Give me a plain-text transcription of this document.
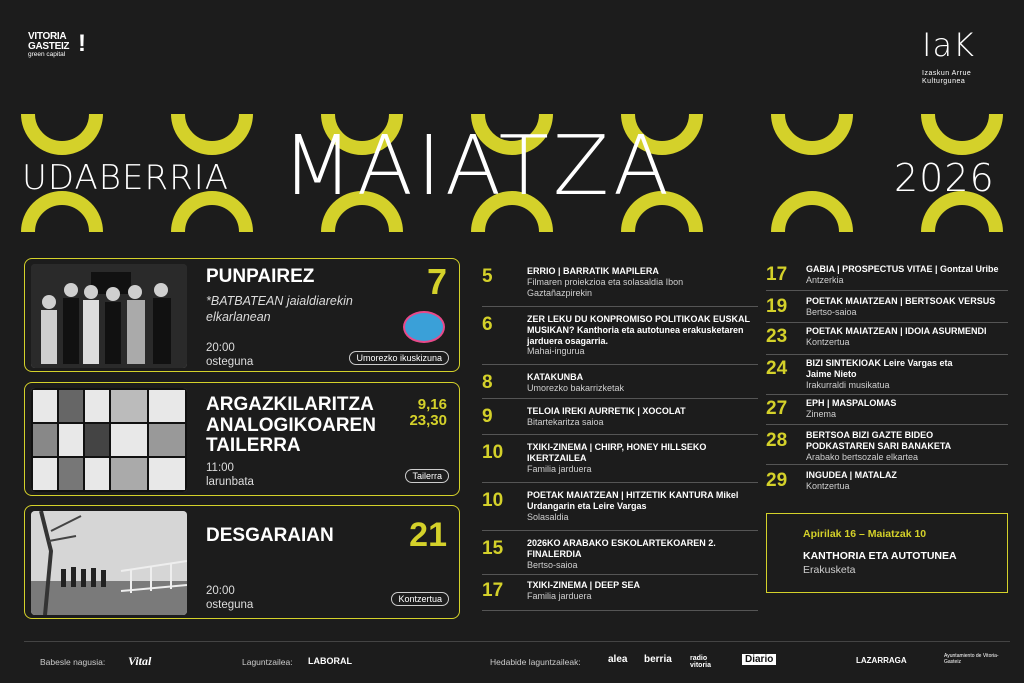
VITORIA
GASTEIZ
green capital !	IaK
Izaskun Arrue
Kulturgunea
UDABERRIA MAIATZA	2026
PUNPAIREZ
*BATBATEAN jaialdiarekin elkarlanean
20:00
osteguna
7
Umorezko ikuskizuna
ARGAZKILARITZA ANALOGIKOAREN TAILERRA
11:00
larunbata
9,16
23,30
Tailerra
DESGARAIAN
20:00
osteguna
21
Kontzertua
5	ERRIO | BARRATIK MAPILERA

Filmaren proiekzioa eta solasaldia Ibon Gaztañazpirekin
6	ZER LEKU DU KONPROMISO POLITIKOAK EUSKAL MUSIKAN? Kanthoria eta autotunea erakusketaren jarduera osagarria.
Mahai-ingurua
8	KATAKUNBA
Umorezko bakarrizketak
9	TELOIA IREKI AURRETIK | XOCOLAT
Bitartekaritza saioa
10	TXIKI-ZINEMA | CHIRP, HONEY HILLSEKO IKERTZAILEA
Familia jarduera
10	POETAK MAIATZEAN | HITZETIK KANTURA Mikel Urdangarin eta Leire Vargas
Solasaldia
15	2026KO ARABAKO ESKOLARTEKOAREN 2. FINALERDIA
Bertso-saioa
17	TXIKI-ZINEMA | DEEP SEA
Familia jarduera
17	GABIA | PROSPECTUS VITAE | Gontzal Uribe
Antzerkia
19	POETAK MAIATZEAN | BERTSOAK VERSUS
Bertso-saioa
23	POETAK MAIATZEAN | IDOIA ASURMENDI
Kontzertua
24	BIZI SINTEKIOAK Leire Vargas eta Jaime Nieto
Irakurraldi musikatua
27	EPH | MASPALOMAS
Zinema
28	BERTSOA BIZI GAZTE BIDEO PODKASTAREN SARI BANAKETA
Arabako bertsozale elkartea
29	INGUDEA | MATALAZ
Kontzertua
Apirilak 16 – Maiatzak 10
KANTHORIA ETA AUTOTUNEA
Erakusketa
Babesle nagusia: Vital	Laguntzailea: LABORAL	Hedabide laguntzaileak:	alea berria	radio vitoria
Diario	LAZARRAGA	Ayuntamiento de Vitoria-Gasteiz
